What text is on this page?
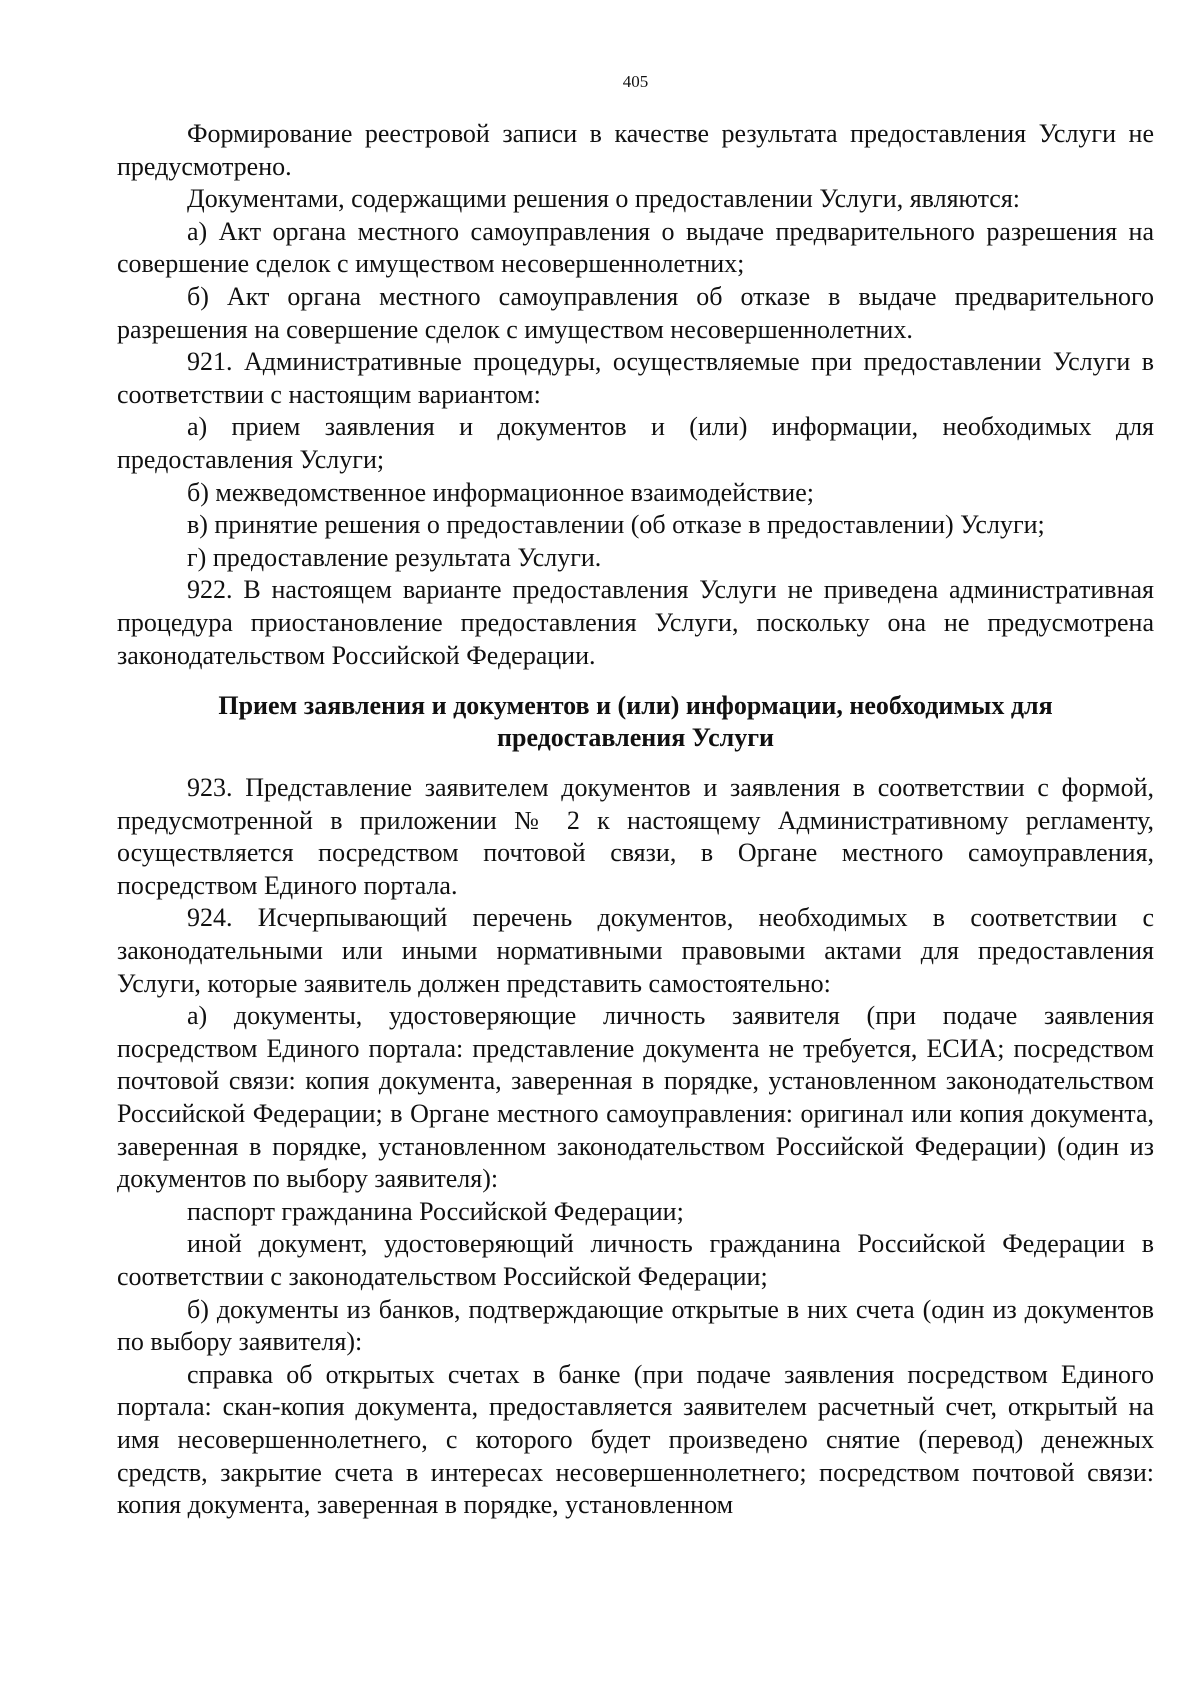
405

Формирование реестровой записи в качестве результата предоставления Услуги не предусмотрено.

Документами, содержащими решения о предоставлении Услуги, являются:

а) Акт органа местного самоуправления о выдаче предварительного разрешения на совершение сделок с имуществом несовершеннолетних;

б) Акт органа местного самоуправления об отказе в выдаче предварительного разрешения на совершение сделок с имуществом несовершеннолетних.

921. Административные процедуры, осуществляемые при предоставлении Услуги в соответствии с настоящим вариантом:

а) прием заявления и документов и (или) информации, необходимых для предоставления Услуги;

б) межведомственное информационное взаимодействие;

в) принятие решения о предоставлении (об отказе в предоставлении) Услуги;

г) предоставление результата Услуги.

922. В настоящем варианте предоставления Услуги не приведена административная процедура приостановление предоставления Услуги, поскольку она не предусмотрена законодательством Российской Федерации.

Прием заявления и документов и (или) информации, необходимых для предоставления Услуги

923. Представление заявителем документов и заявления в соответствии с формой, предусмотренной в приложении № 2 к настоящему Административному регламенту, осуществляется посредством почтовой связи, в Органе местного самоуправления, посредством Единого портала.

924. Исчерпывающий перечень документов, необходимых в соответствии с законодательными или иными нормативными правовыми актами для предоставления Услуги, которые заявитель должен представить самостоятельно:

а) документы, удостоверяющие личность заявителя (при подаче заявления посредством Единого портала: представление документа не требуется, ЕСИА; посредством почтовой связи: копия документа, заверенная в порядке, установленном законодательством Российской Федерации; в Органе местного самоуправления: оригинал или копия документа, заверенная в порядке, установленном законодательством Российской Федерации) (один из документов по выбору заявителя):

паспорт гражданина Российской Федерации;

иной документ, удостоверяющий личность гражданина Российской Федерации в соответствии с законодательством Российской Федерации;

б) документы из банков, подтверждающие открытые в них счета (один из документов по выбору заявителя):

справка об открытых счетах в банке (при подаче заявления посредством Единого портала: скан-копия документа, предоставляется заявителем расчетный счет, открытый на имя несовершеннолетнего, с которого будет произведено снятие (перевод) денежных средств, закрытие счета в интересах несовершеннолетнего; посредством почтовой связи: копия документа, заверенная в порядке, установленном
